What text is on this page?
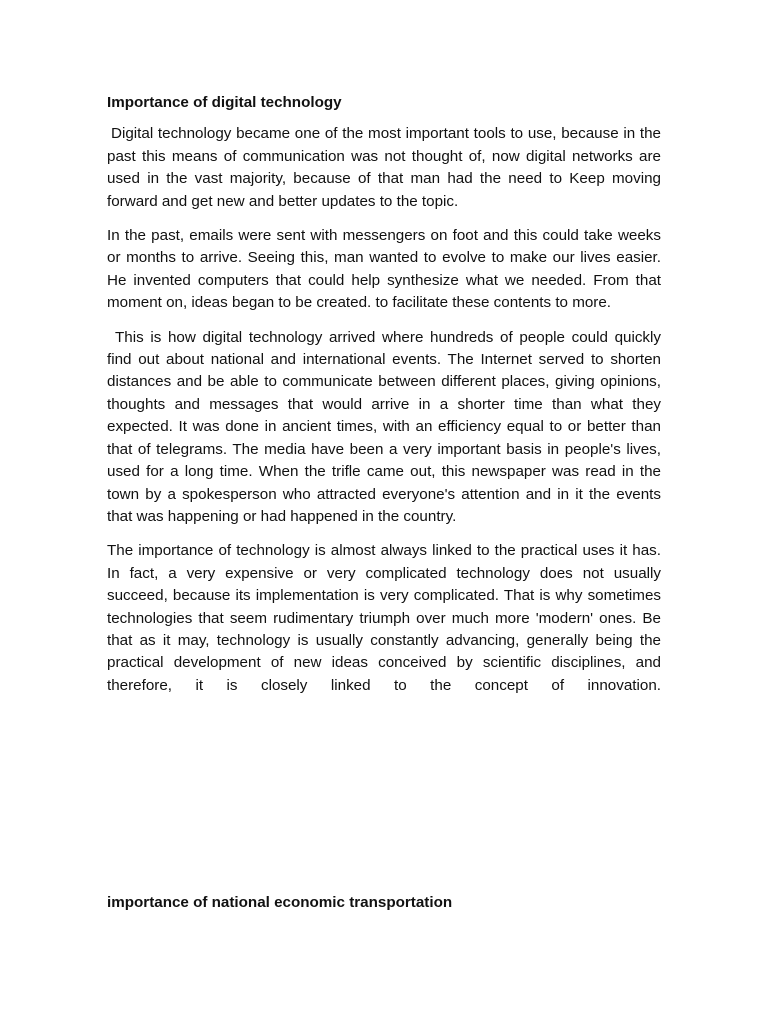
Importance of digital technology

Digital technology became one of the most important tools to use, because in the past this means of communication was not thought of, now digital networks are used in the vast majority, because of that man had the need to Keep moving forward and get new and better updates to the topic.

In the past, emails were sent with messengers on foot and this could take weeks or months to arrive. Seeing this, man wanted to evolve to make our lives easier. He invented computers that could help synthesize what we needed. From that moment on, ideas began to be created. to facilitate these contents to more.

This is how digital technology arrived where hundreds of people could quickly find out about national and international events. The Internet served to shorten distances and be able to communicate between different places, giving opinions, thoughts and messages that would arrive in a shorter time than what they expected. It was done in ancient times, with an efficiency equal to or better than that of telegrams. The media have been a very important basis in people's lives, used for a long time. When the trifle came out, this newspaper was read in the town by a spokesperson who attracted everyone's attention and in it the events that was happening or had happened in the country.

The importance of technology is almost always linked to the practical uses it has. In fact, a very expensive or very complicated technology does not usually succeed, because its implementation is very complicated. That is why sometimes technologies that seem rudimentary triumph over much more 'modern' ones. Be that as it may, technology is usually constantly advancing, generally being the practical development of new ideas conceived by scientific disciplines, and therefore, it is closely linked to the concept of innovation.

importance of national economic transportation
